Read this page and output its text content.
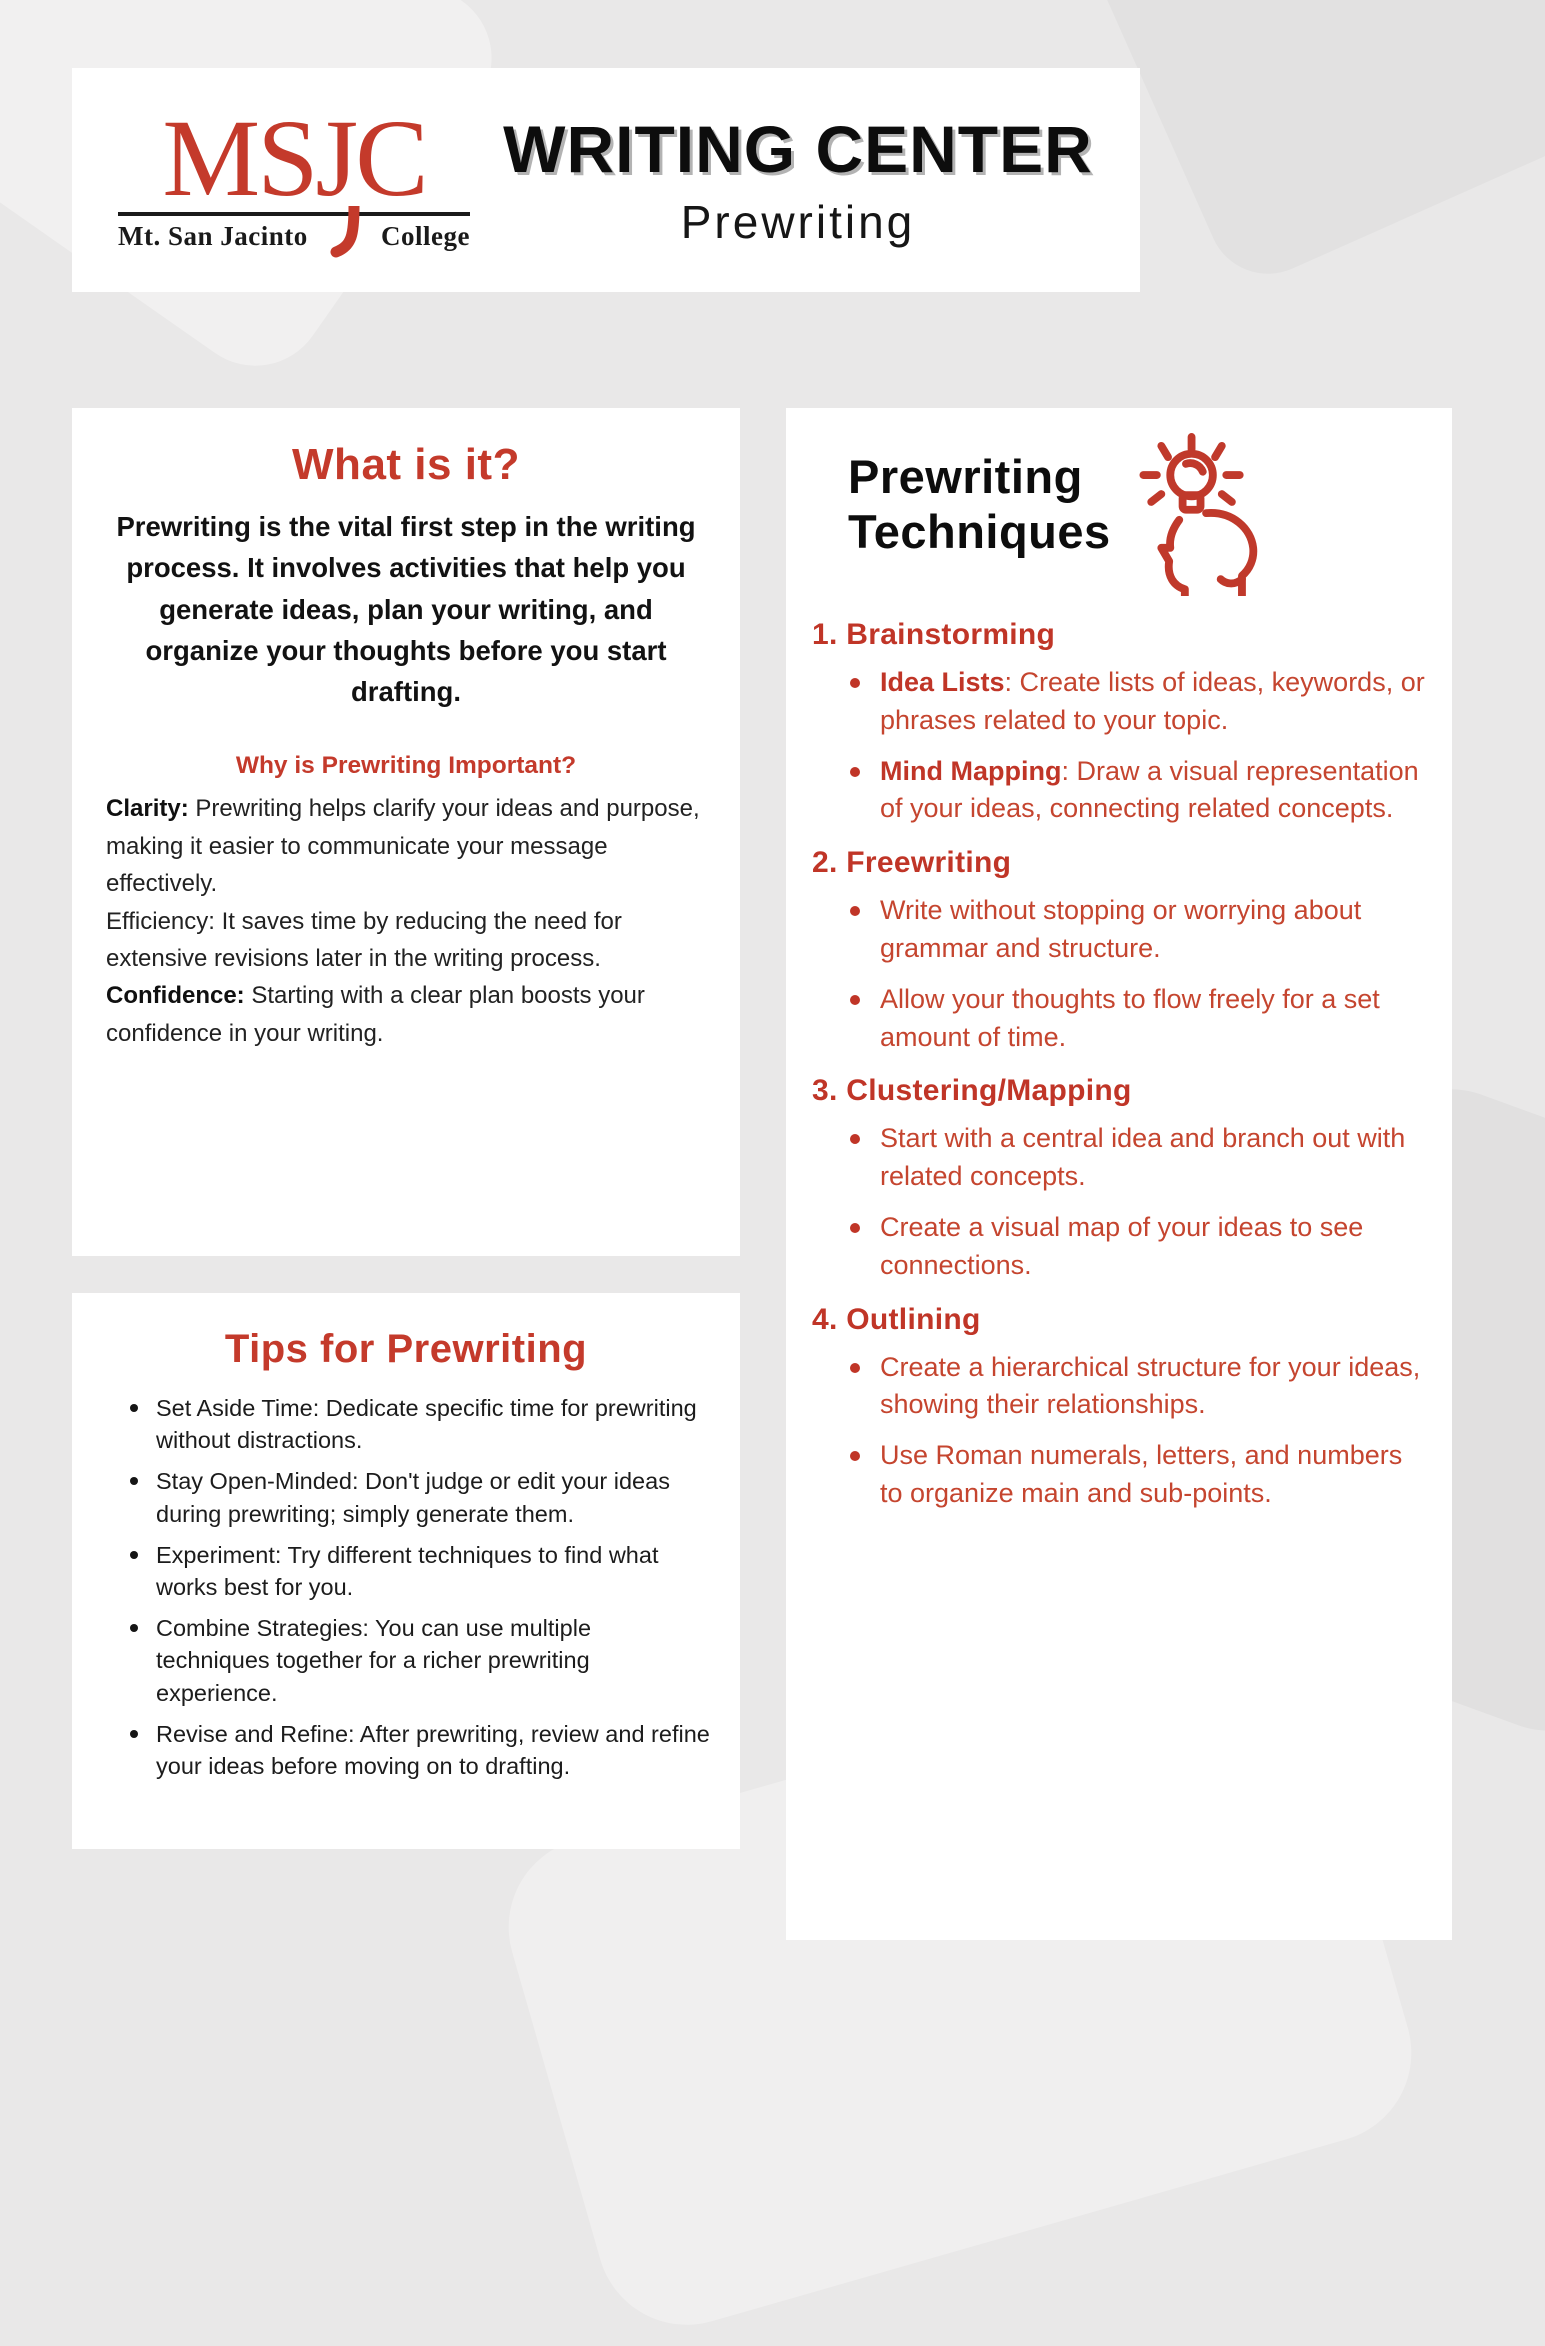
MSJC
Mt. San Jacinto	College
WRITING CENTER
Prewriting
What is it?

Prewriting is the vital first step in the writing process. It involves activities that help you generate ideas, plan your writing, and organize your thoughts before you start drafting.

Why is Prewriting Important?
Clarity: Prewriting helps clarify your ideas and purpose, making it easier to communicate your message effectively.
Efficiency: It saves time by reducing the need for extensive revisions later in the writing process.
Confidence: Starting with a clear plan boosts your confidence in your writing.
Tips for Prewriting
Set Aside Time: Dedicate specific time for prewriting without distractions.
Stay Open-Minded: Don't judge or edit your ideas during prewriting; simply generate them.
Experiment: Try different techniques to find what works best for you.
Combine Strategies: You can use multiple techniques together for a richer prewriting experience.
Revise and Refine: After prewriting, review and refine your ideas before moving on to drafting.
Prewriting
Techniques
1. Brainstorming
Idea Lists: Create lists of ideas, keywords, or phrases related to your topic.
Mind Mapping: Draw a visual representation of your ideas, connecting related concepts.
2. Freewriting
Write without stopping or worrying about grammar and structure.
Allow your thoughts to flow freely for a set amount of time.
3. Clustering/Mapping
Start with a central idea and branch out with related concepts.
Create a visual map of your ideas to see connections.
4. Outlining
Create a hierarchical structure for your ideas, showing their relationships.
Use Roman numerals, letters, and numbers to organize main and sub-points.
